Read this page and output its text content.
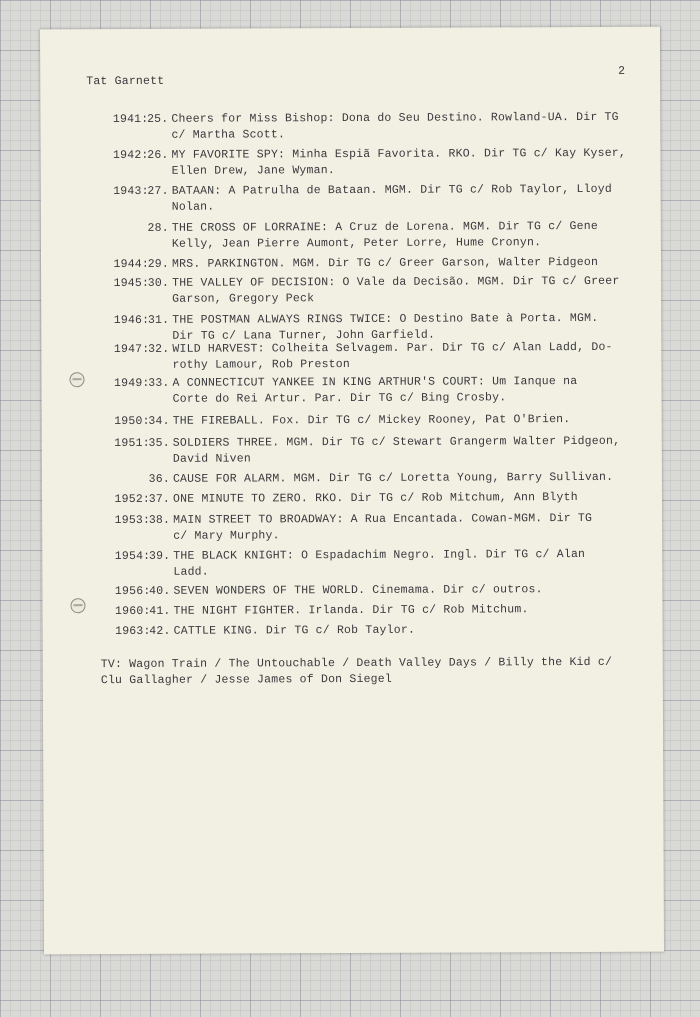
Tat Garnett
2
1941:
25. Cheers for Miss Bishop: Dona do Seu Destino. Rowland-UA. Dir TG
c/ Martha Scott.
1942:
26. MY FAVORITE SPY: Minha Espiã Favorita. RKO. Dir TG c/ Kay Kyser,
Ellen Drew, Jane Wyman.
1943:
27. BATAAN: A Patrulha de Bataan. MGM. Dir TG c/ Rob Taylor, Lloyd
Nolan.
28. THE CROSS OF LORRAINE: A Cruz de Lorena. MGM. Dir TG c/ Gene
Kelly, Jean Pierre Aumont, Peter Lorre, Hume Cronyn.
1944:
29. MRS. PARKINGTON. MGM. Dir TG c/ Greer Garson, Walter Pidgeon
1945:
30. THE VALLEY OF DECISION: O Vale da Decisão. MGM. Dir TG c/ Greer
Garson, Gregory Peck
1946:
31. THE POSTMAN ALWAYS RINGS TWICE: O Destino Bate à Porta. MGM.
Dir TG c/ Lana Turner, John Garfield.
1947:
32. WILD HARVEST: Colheita Selvagem. Par. Dir TG c/ Alan Ladd, Do-
rothy Lamour, Rob Preston
1949:
33. A CONNECTICUT YANKEE IN KING ARTHUR'S COURT: Um Ianque na
Corte do Rei Artur. Par. Dir TG c/ Bing Crosby.
1950:
34. THE FIREBALL. Fox. Dir TG c/ Mickey Rooney, Pat O'Brien.
1951:
35. SOLDIERS THREE. MGM. Dir TG c/ Stewart Grangerm Walter Pidgeon,
David Niven
36. CAUSE FOR ALARM. MGM. Dir TG c/ Loretta Young, Barry Sullivan.
1952:
37. ONE MINUTE TO ZERO. RKO. Dir TG c/ Rob Mitchum, Ann Blyth
1953:
38. MAIN STREET TO BROADWAY: A Rua Encantada. Cowan-MGM. Dir TG
c/ Mary Murphy.
1954:
39. THE BLACK KNIGHT: O Espadachim Negro. Ingl. Dir TG c/ Alan
Ladd.
1956:
40. SEVEN WONDERS OF THE WORLD. Cinemama. Dir c/ outros.
1960:
41. THE NIGHT FIGHTER. Irlanda. Dir TG c/ Rob Mitchum.
1963:
42. CATTLE KING. Dir TG c/ Rob Taylor.
TV: Wagon Train / The Untouchable / Death Valley Days / Billy the Kid c/
Clu Gallagher / Jesse James of Don Siegel
